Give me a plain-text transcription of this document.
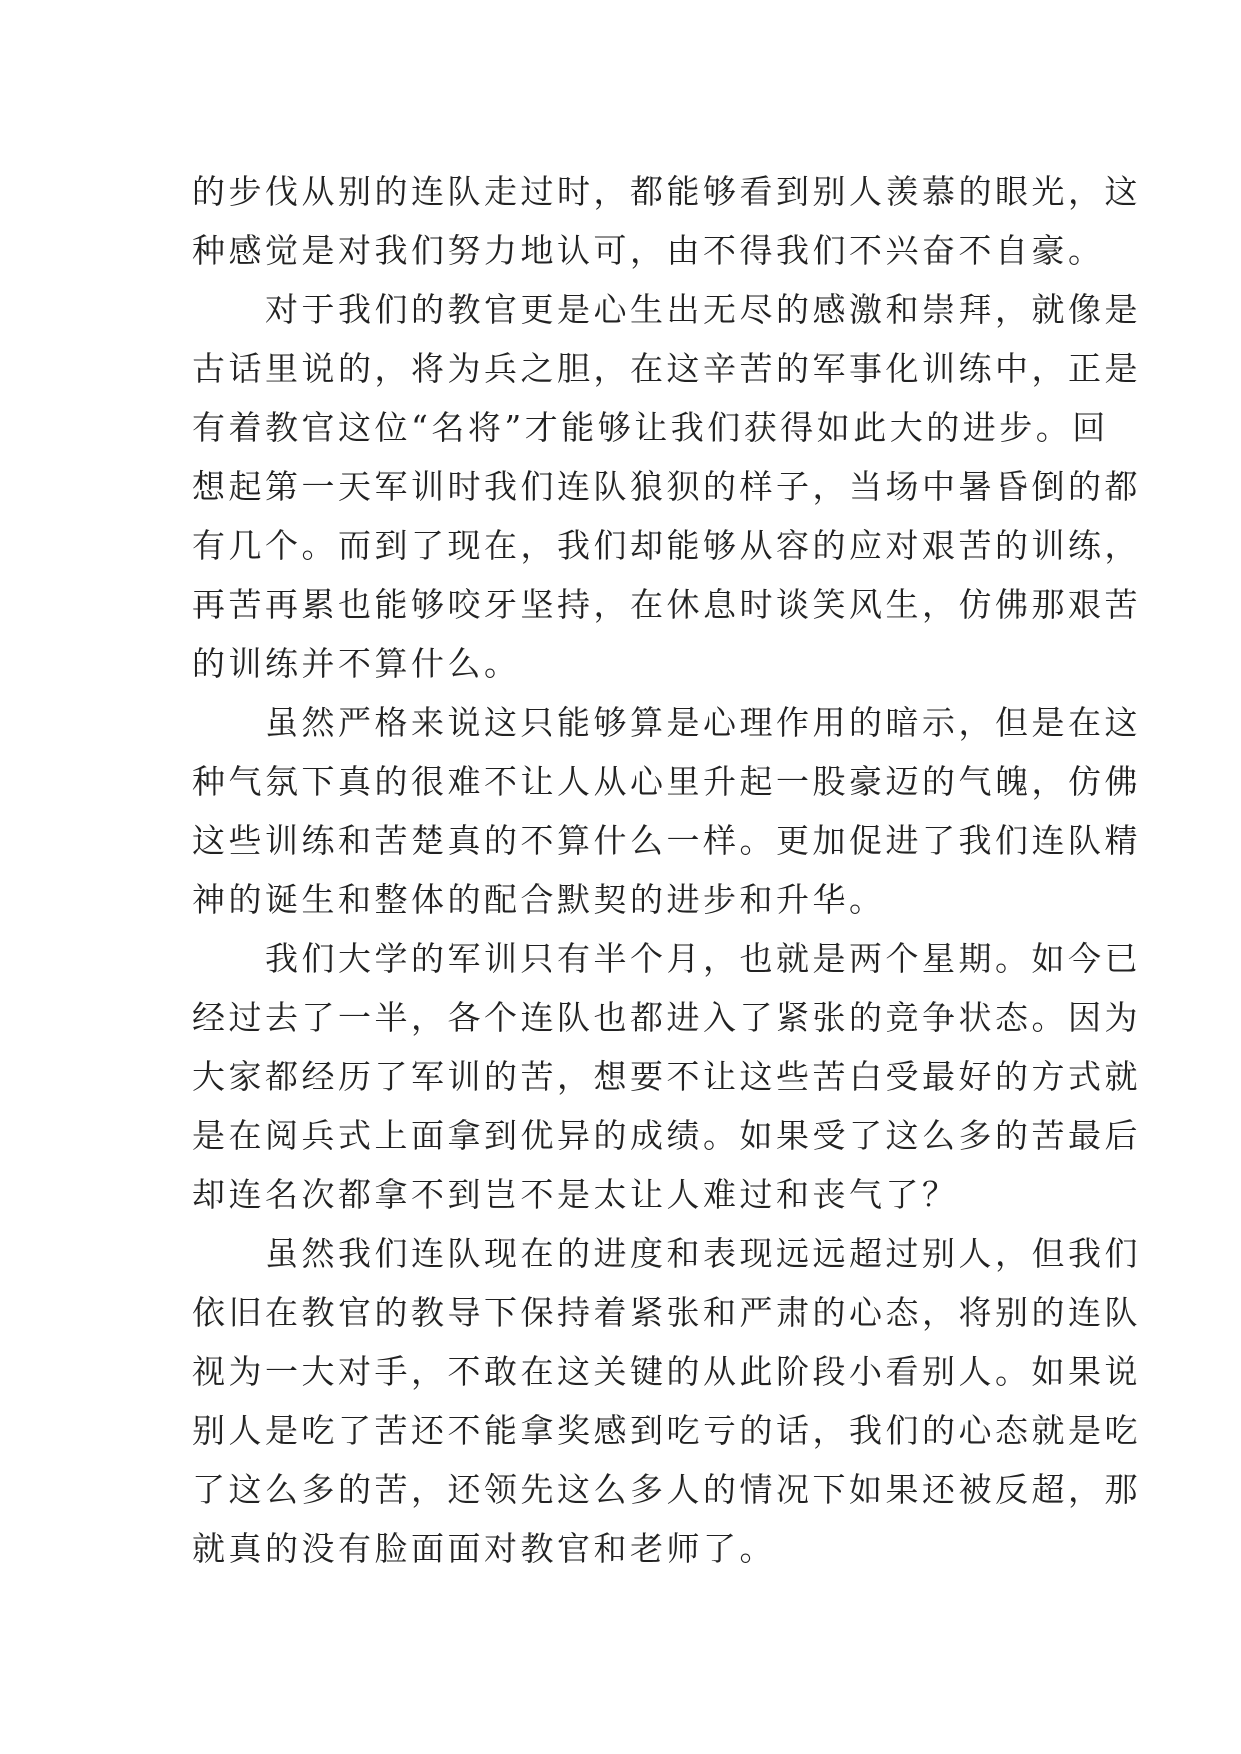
的步伐从别的连队走过时，都能够看到别人羡慕的眼光，这
种感觉是对我们努力地认可，由不得我们不兴奋不自豪。
　　对于我们的教官更是心生出无尽的感激和崇拜，就像是
古话里说的，将为兵之胆，在这辛苦的军事化训练中，正是
有着教官这位“名将”才能够让我们获得如此大的进步。回
想起第一天军训时我们连队狼狈的样子，当场中暑昏倒的都
有几个。而到了现在，我们却能够从容的应对艰苦的训练，
再苦再累也能够咬牙坚持，在休息时谈笑风生，仿佛那艰苦
的训练并不算什么。
　　虽然严格来说这只能够算是心理作用的暗示，但是在这
种气氛下真的很难不让人从心里升起一股豪迈的气魄，仿佛
这些训练和苦楚真的不算什么一样。更加促进了我们连队精
神的诞生和整体的配合默契的进步和升华。
　　我们大学的军训只有半个月，也就是两个星期。如今已
经过去了一半，各个连队也都进入了紧张的竞争状态。因为
大家都经历了军训的苦，想要不让这些苦白受最好的方式就
是在阅兵式上面拿到优异的成绩。如果受了这么多的苦最后
却连名次都拿不到岂不是太让人难过和丧气了？
　　虽然我们连队现在的进度和表现远远超过别人，但我们
依旧在教官的教导下保持着紧张和严肃的心态，将别的连队
视为一大对手，不敢在这关键的从此阶段小看别人。如果说
别人是吃了苦还不能拿奖感到吃亏的话，我们的心态就是吃
了这么多的苦，还领先这么多人的情况下如果还被反超，那
就真的没有脸面面对教官和老师了。
